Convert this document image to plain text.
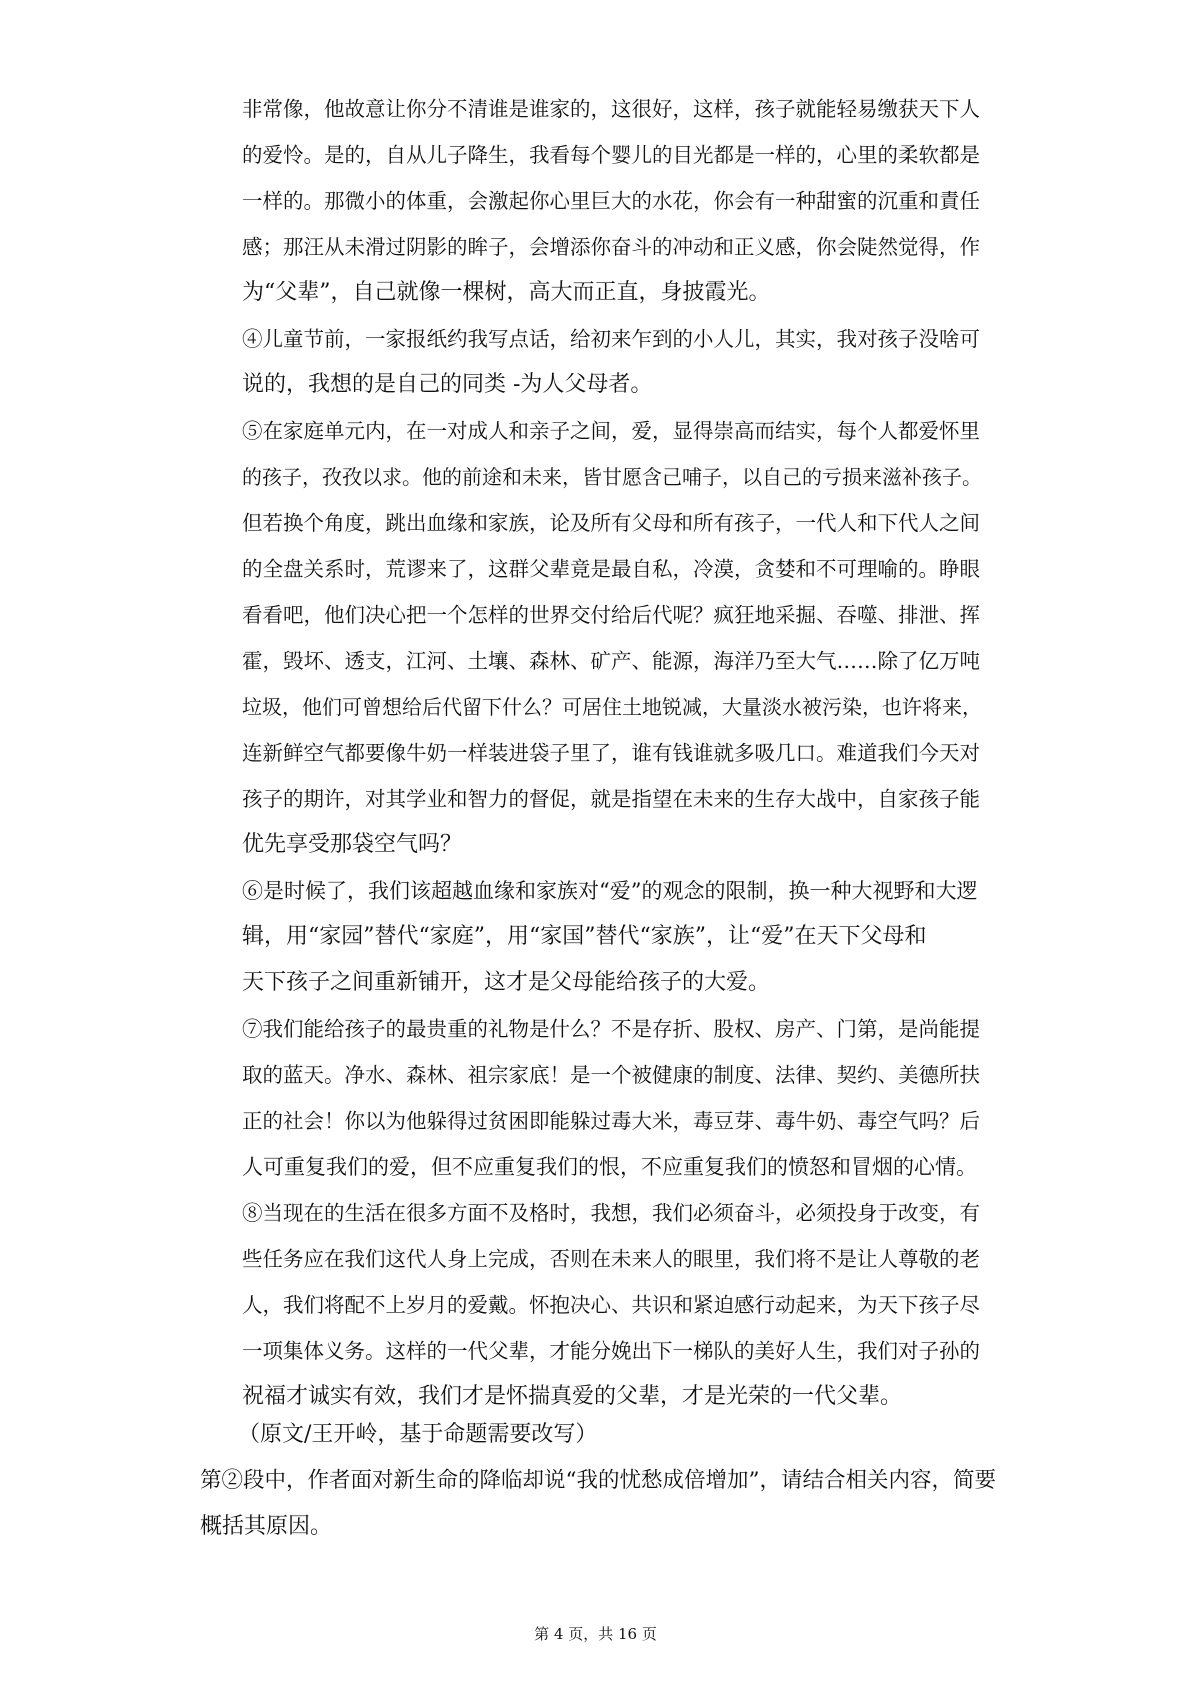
非常像，他故意让你分不清谁是谁家的，这很好，这样，孩子就能轻易缴获天下人
的爱怜。是的，自从儿子降生，我看每个婴儿的目光都是一样的，心里的柔软都是
一样的。那微小的体重，会激起你心里巨大的水花，你会有一种甜蜜的沉重和責任
感；那汪从未滑过阴影的眸子，会增添你奋斗的冲动和正义感，你会陡然觉得，作
为“父辈”，自己就像一棵树，高大而正直，身披霞光。
④儿童节前，一家报纸约我写点话，给初来乍到的小人儿，其实，我对孩子没啥可
说的，我想的是自己的同类 -为人父母者。
⑤在家庭单元内，在一对成人和亲子之间，爱，显得崇高而结实，每个人都爱怀里
的孩子，孜孜以求。他的前途和未来，皆甘愿含己哺子，以自己的亏损来滋补孩子。
但若换个角度，跳出血缘和家族，论及所有父母和所有孩子，一代人和下代人之间
的全盘关系时，荒谬来了，这群父辈竟是最自私，冷漠，贪婪和不可理喻的。睁眼
看看吧，他们决心把一个怎样的世界交付给后代呢？疯狂地采掘、吞噬、排泄、挥
霍，毁坏、透支，江河、土壤、森林、矿产、能源，海洋乃至大气……除了亿万吨
垃圾，他们可曾想给后代留下什么？可居住土地锐减，大量淡水被污染，也许将来，
连新鲜空气都要像牛奶一样装进袋子里了，谁有钱谁就多吸几口。难道我们今天对
孩子的期许，对其学业和智力的督促，就是指望在未来的生存大战中，自家孩子能
优先享受那袋空气吗？
⑥是时候了，我们该超越血缘和家族对“爱”的观念的限制，换一种大视野和大逻
辑，用“家园”替代“家庭”，用“家国”替代“家族”，让“爱”在天下父母和
天下孩子之间重新铺开，这才是父母能给孩子的大爱。
⑦我们能给孩子的最贵重的礼物是什么？不是存折、股权、房产、门第，是尚能提
取的蓝天。净水、森林、祖宗家底！是一个被健康的制度、法律、契约、美德所扶
正的社会！你以为他躲得过贫困即能躲过毒大米，毒豆芽、毒牛奶、毒空气吗？后
人可重复我们的爱，但不应重复我们的恨，不应重复我们的愤怒和冒烟的心情。
⑧当现在的生活在很多方面不及格时，我想，我们必须奋斗，必须投身于改变，有
些任务应在我们这代人身上完成，否则在未来人的眼里，我们将不是让人尊敬的老
人，我们将配不上岁月的爱戴。怀抱决心、共识和紧迫感行动起来，为天下孩子尽
一项集体义务。这样的一代父辈，才能分娩出下一梯队的美好人生，我们对子孙的
祝福才诚实有效，我们才是怀揣真爱的父辈，才是光荣的一代父辈。
（原文/王开岭，基于命题需要改写）
第②段中，作者面对新生命的降临却说“我的忧愁成倍增加”，请结合相关内容，简要
概括其原因。
第 4 页，共 16 页
